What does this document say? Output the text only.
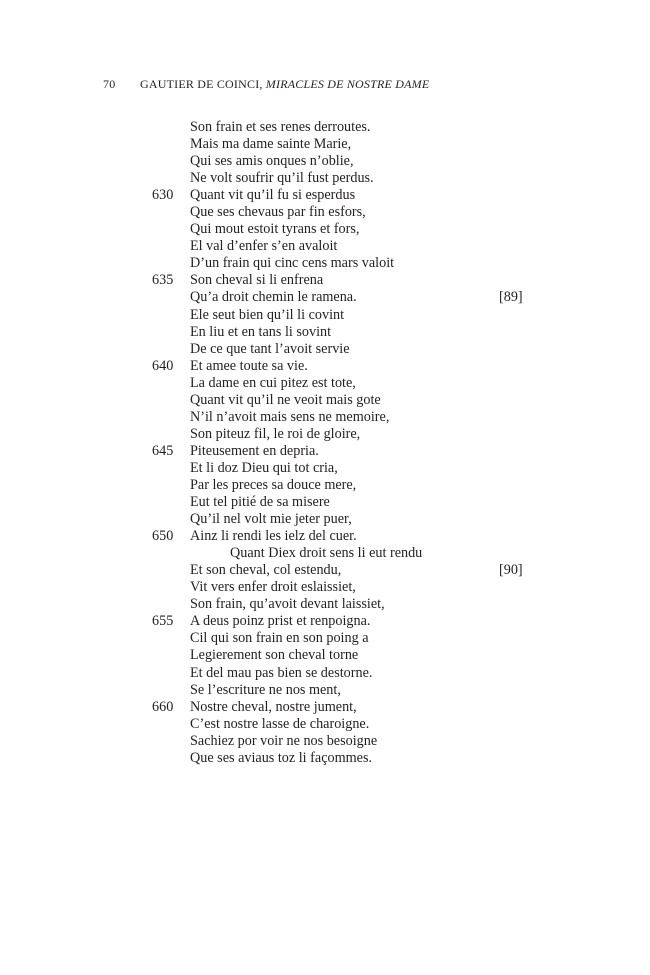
70 GAUTIER DE COINCI, MIRACLES DE NOSTRE DAME
Son frain et ses renes derroutes.
Mais ma dame sainte Marie,
Qui ses amis onques n’oblie,
Ne volt soufrir qu’il fust perdus.
630	Quant vit qu’il fu si esperdus
Que ses chevaus par fin esfors,
Qui mout estoit tyrans et fors,
El val d’enfer s’en avaloit
D’un frain qui cinc cens mars valoit
635	Son cheval si li enfrena
Qu’a droit chemin le ramena.	[89]
Ele seut bien qu’il li covint
En liu et en tans li sovint
De ce que tant l’avoit servie
640	Et amee toute sa vie.
La dame en cui pitez est tote,
Quant vit qu’il ne veoit mais gote
N’il n’avoit mais sens ne memoire,
Son piteuz fil, le roi de gloire,
645	Piteusement en depria.
Et li doz Dieu qui tot cria,
Par les preces sa douce mere,
Eut tel pitié de sa misere
Qu’il nel volt mie jeter puer,
650	Ainz li rendi les ielz del cuer.
Quant Diex droit sens li eut rendu
Et son cheval, col estendu,	[90]
Vit vers enfer droit eslaissiet,
Son frain, qu’avoit devant laissiet,
655	A deus poinz prist et renpoigna.
Cil qui son frain en son poing a
Legierement son cheval torne
Et del mau pas bien se destorne.
Se l’escriture ne nos ment,
660	Nostre cheval, nostre jument,
C’est nostre lasse de charoigne.
Sachiez por voir ne nos besoigne
Que ses aviaus toz li façommes.
